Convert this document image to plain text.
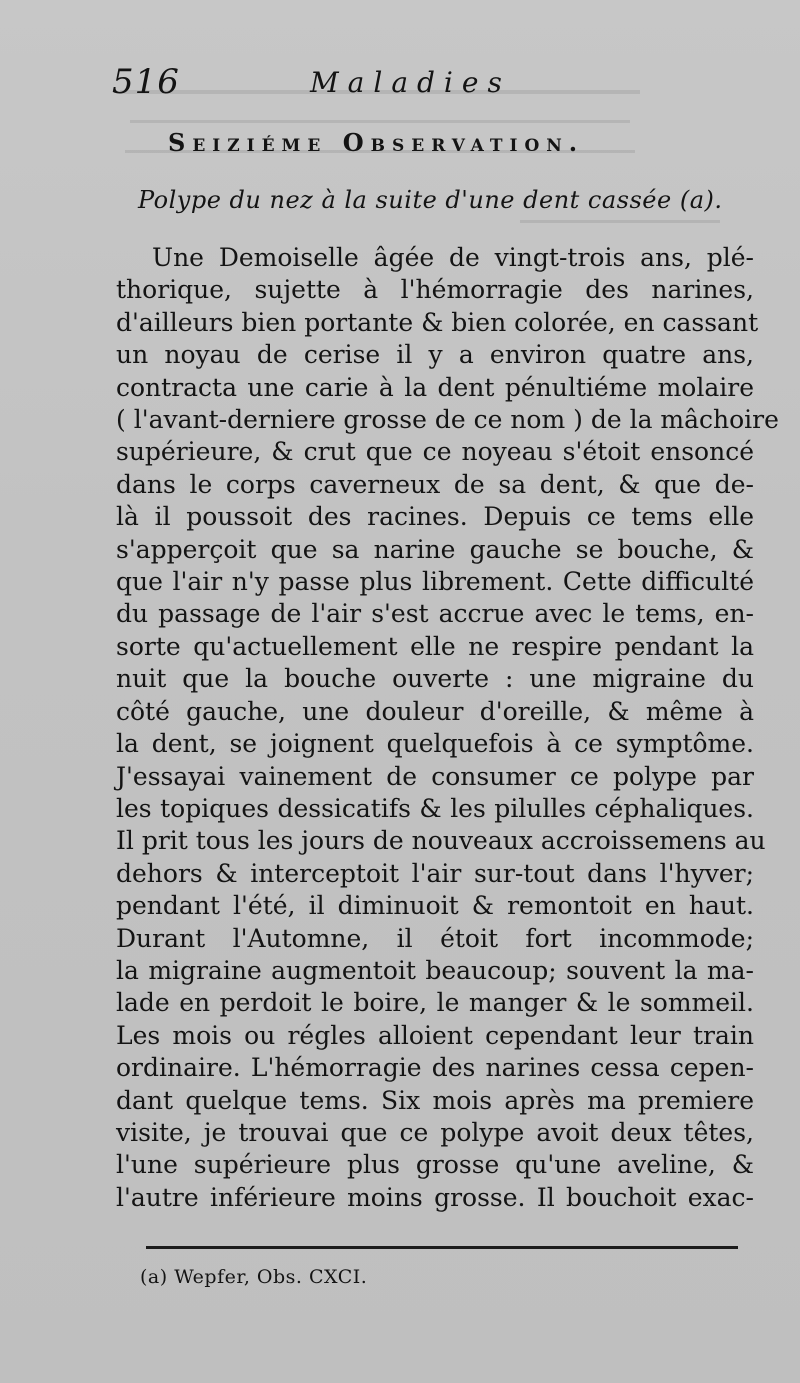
516	Maladies
Seiziéme Observation.
Polype du nez à la suite d'une dent cassée (a).
Une Demoiselle âgée de vingt-trois ans, plé-
thorique, sujette à l'hémorragie des narines,
d'ailleurs bien portante & bien colorée, en cassant
un noyau de cerise il y a environ quatre ans,
contracta une carie à la dent pénultiéme molaire
( l'avant-derniere grosse de ce nom ) de la mâchoire
supérieure, & crut que ce noyeau s'étoit ensoncé
dans le corps caverneux de sa dent, & que de-
là il poussoit des racines. Depuis ce tems elle
s'apperçoit que sa narine gauche se bouche, &
que l'air n'y passe plus librement. Cette difficulté
du passage de l'air s'est accrue avec le tems, en-
sorte qu'actuellement elle ne respire pendant la
nuit que la bouche ouverte : une migraine du
côté gauche, une douleur d'oreille, & même à
la dent, se joignent quelquefois à ce symptôme.
J'essayai vainement de consumer ce polype par
les topiques dessicatifs & les pilulles céphaliques.
Il prit tous les jours de nouveaux accroissemens au
dehors & interceptoit l'air sur-tout dans l'hyver;
pendant l'été, il diminuoit & remontoit en haut.
Durant l'Automne, il étoit fort incommode;
la migraine augmentoit beaucoup; souvent la ma-
lade en perdoit le boire, le manger & le sommeil.
Les mois ou régles alloient cependant leur train
ordinaire. L'hémorragie des narines cessa cepen-
dant quelque tems. Six mois après ma premiere
visite, je trouvai que ce polype avoit deux têtes,
l'une supérieure plus grosse qu'une aveline, &
l'autre inférieure moins grosse. Il bouchoit exac-
(a) Wepfer, Obs. CXCI.
